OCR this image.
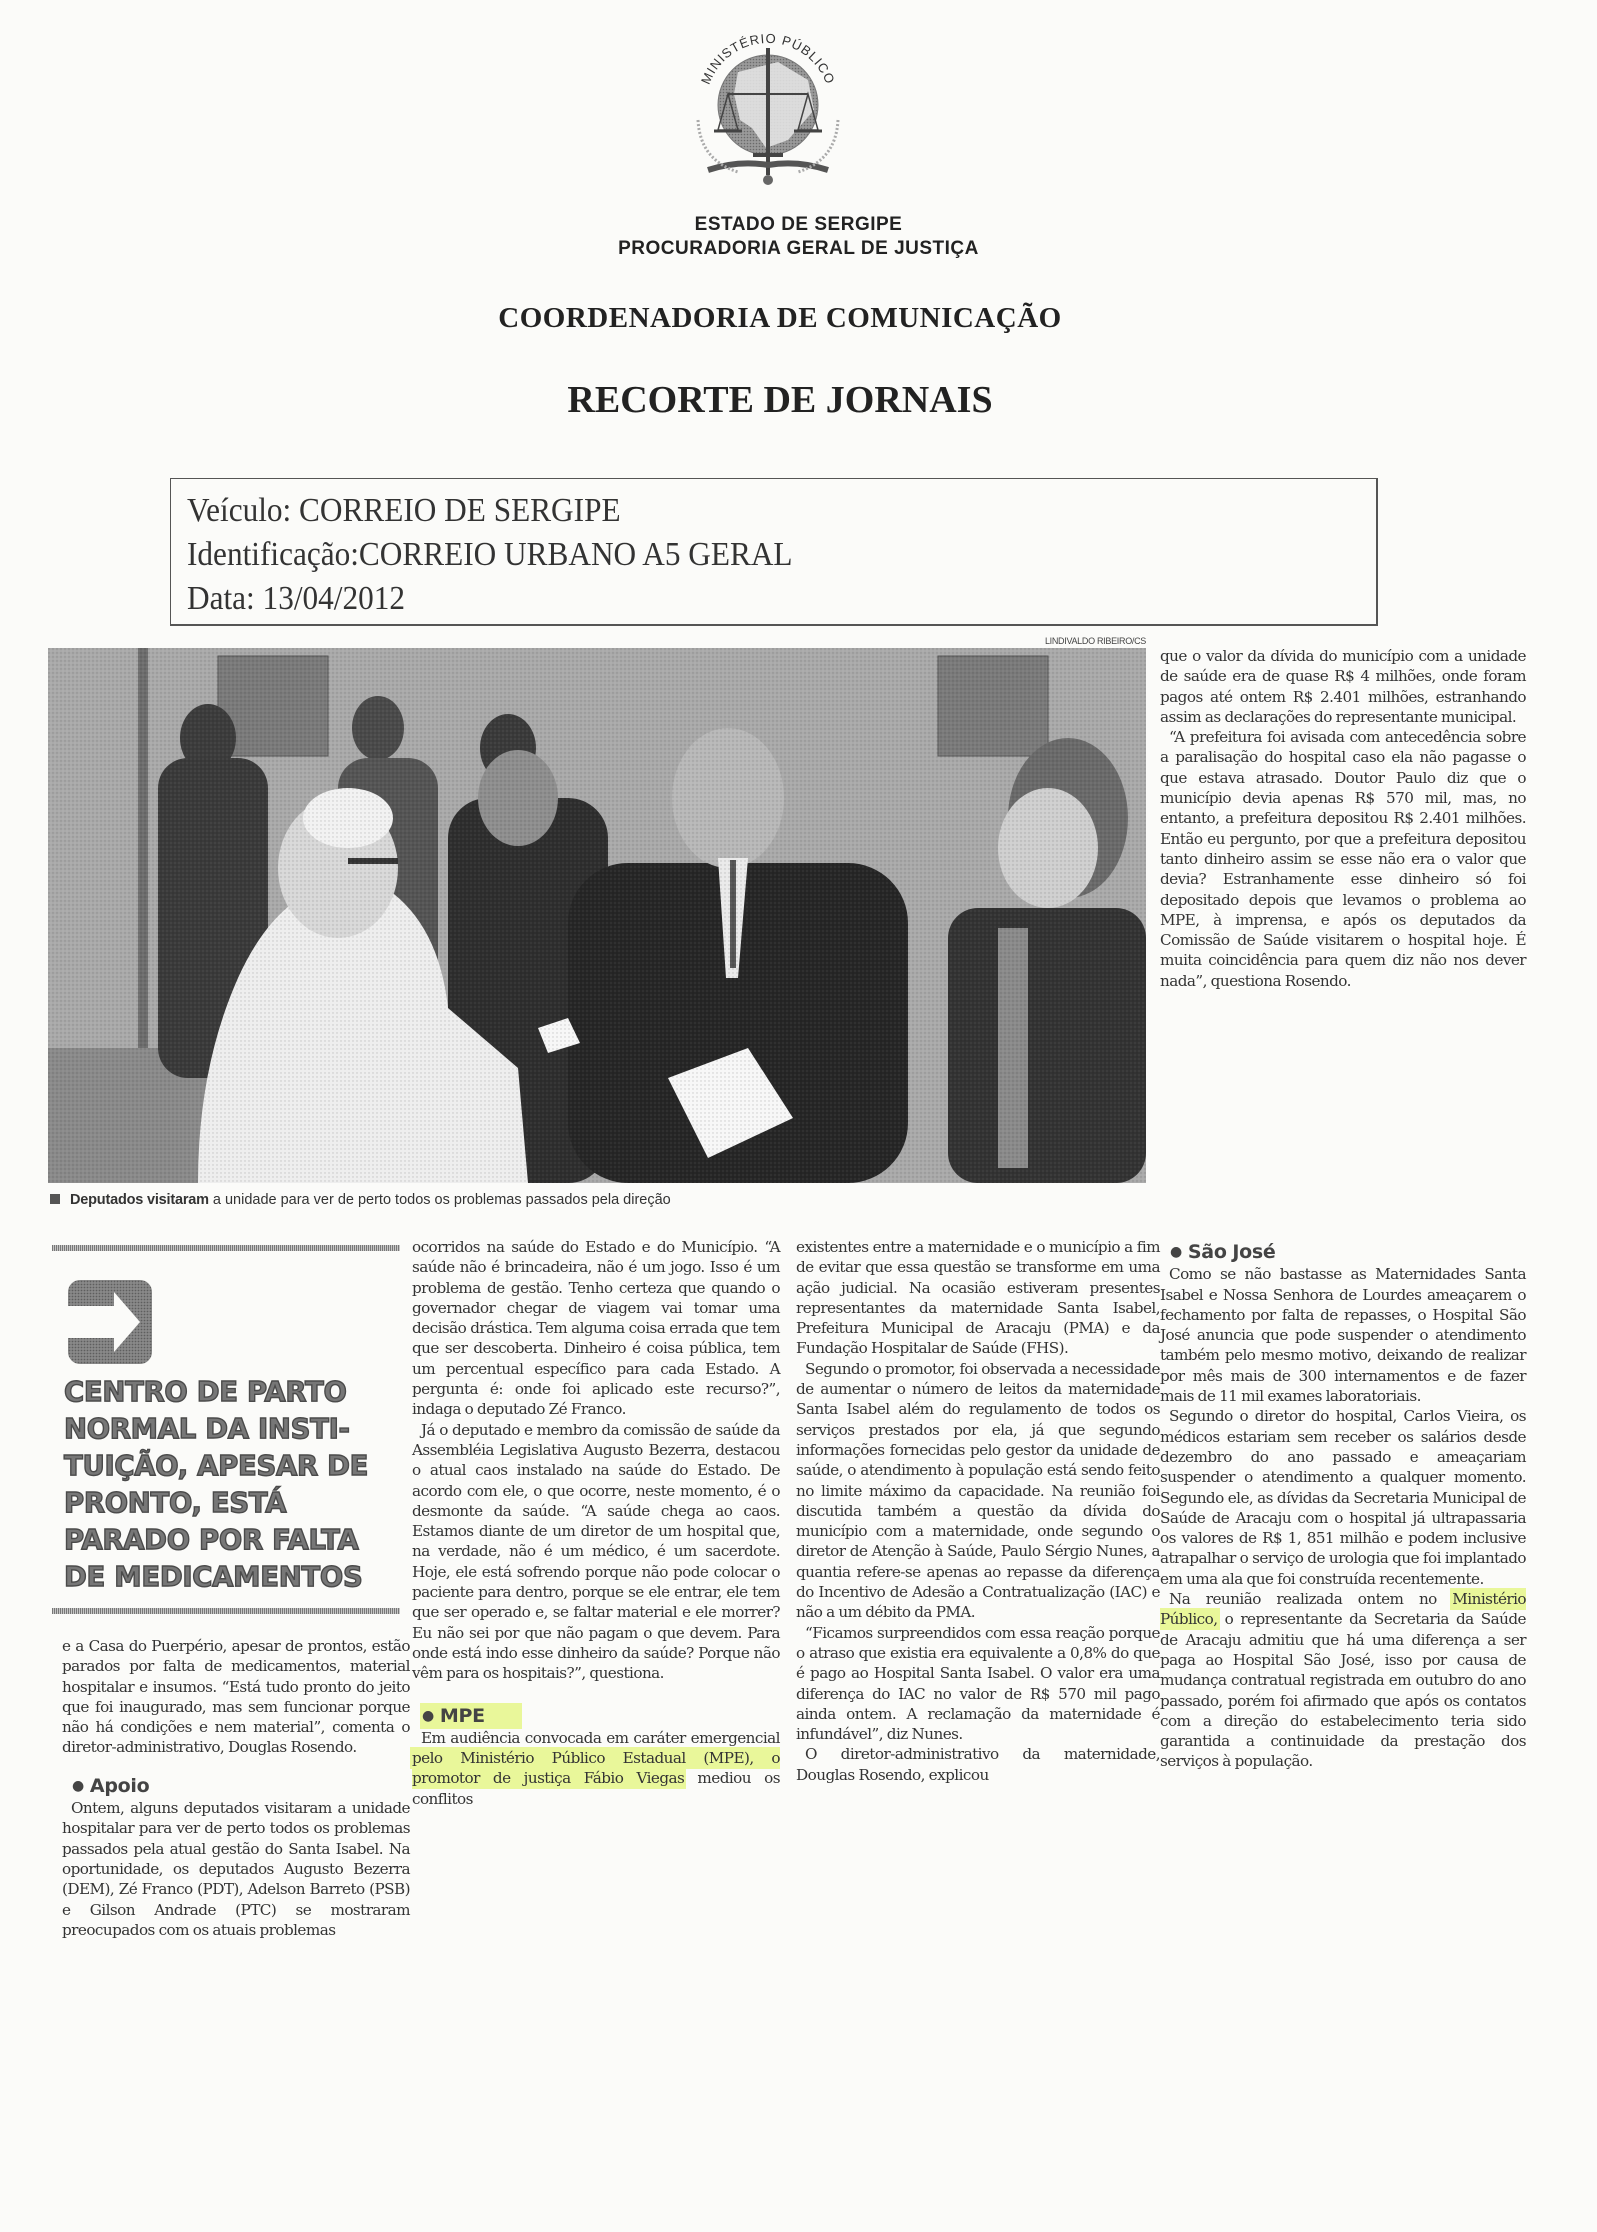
MINISTÉRIO PÚBLICO
ESTADO DE SERGIPE
PROCURADORIA GERAL DE JUSTIÇA
COORDENADORIA DE COMUNICAÇÃO
RECORTE DE JORNAIS
Veículo: CORREIO DE SERGIPE
Identificação:CORREIO URBANO A5 GERAL
Data: 13/04/2012
LINDIVALDO RIBEIRO/CS
Deputados visitaram a unidade para ver de perto todos os problemas passados pela direção
CENTRO DE PARTO
NORMAL DA INSTI-
TUIÇÃO, APESAR DE
PRONTO, ESTÁ
PARADO POR FALTA
DE MEDICAMENTOS

e a Casa do Puerpério, apesar de prontos, estão parados por falta de medicamentos, material hospitalar e insumos. “Está tudo pronto do jeito que foi inaugurado, mas sem funcionar porque não há condições e nem material”, comenta o diretor-administrativo, Douglas Rosendo.

● Apoio

Ontem, alguns deputados visitaram a unidade hospitalar para ver de perto todos os problemas passados pela atual gestão do Santa Isabel. Na oportunidade, os deputados Augusto Bezerra (DEM), Zé Franco (PDT), Adelson Barreto (PSB) e Gilson Andrade (PTC) se mostraram preocupados com os atuais problemas

ocorridos na saúde do Estado e do Município. “A saúde não é brincadeira, não é um jogo. Isso é um problema de gestão. Tenho certeza que quando o governador chegar de viagem vai tomar uma decisão drástica. Tem alguma coisa errada que tem que ser descoberta. Dinheiro é coisa pública, tem um percentual específico para cada Estado. A pergunta é: onde foi aplicado este recurso?”, indaga o deputado Zé Franco.

Já o deputado e membro da comissão de saúde da Assembléia Legislativa Augusto Bezerra, destacou o atual caos instalado na saúde do Estado. De acordo com ele, o que ocorre, neste momento, é o desmonte da saúde. “A saúde chega ao caos. Estamos diante de um diretor de um hospital que, na verdade, não é um médico, é um sacerdote. Hoje, ele está sofrendo porque não pode colocar o paciente para dentro, porque se ele entrar, ele tem que ser operado e, se faltar material e ele morrer? Eu não sei por que não pagam o que devem. Para onde está indo esse dinheiro da saúde? Porque não vêm para os hospitais?”, questiona.

● MPE

Em audiência convocada em caráter emergencial pelo Ministério Público Estadual (MPE), o promotor de justiça Fábio Viegas mediou os conflitos

existentes entre a maternidade e o município a fim de evitar que essa questão se transforme em uma ação judicial. Na ocasião estiveram presentes representantes da maternidade Santa Isabel, Prefeitura Municipal de Aracaju (PMA) e da Fundação Hospitalar de Saúde (FHS).

Segundo o promotor, foi observada a necessidade de aumentar o número de leitos da maternidade Santa Isabel além do regulamento de todos os serviços prestados por ela, já que segundo informações fornecidas pelo gestor da unidade de saúde, o atendimento à população está sendo feito no limite máximo da capacidade. Na reunião foi discutida também a questão da dívida do município com a maternidade, onde segundo o diretor de Atenção à Saúde, Paulo Sérgio Nunes, a quantia refere-se apenas ao repasse da diferença do Incentivo de Adesão a Contratualização (IAC) e não a um débito da PMA.

“Ficamos surpreendidos com essa reação porque o atraso que existia era equivalente a 0,8% do que é pago ao Hospital Santa Isabel. O valor era uma diferença do IAC no valor de R$ 570 mil pago ainda ontem. A reclamação da maternidade é infundável”, diz Nunes.

O diretor-administrativo da maternidade, Douglas Rosendo, explicou

que o valor da dívida do município com a unidade de saúde era de quase R$ 4 milhões, onde foram pagos até ontem R$ 2.401 milhões, estranhando assim as declarações do representante municipal.

“A prefeitura foi avisada com antecedência sobre a paralisação do hospital caso ela não pagasse o que estava atrasado. Doutor Paulo diz que o município devia apenas R$ 570 mil, mas, no entanto, a prefeitura depositou R$ 2.401 milhões. Então eu pergunto, por que a prefeitura depositou tanto dinheiro assim se esse não era o valor que devia? Estranhamente esse dinheiro só foi depositado depois que levamos o problema ao MPE, à imprensa, e após os deputados da Comissão de Saúde visitarem o hospital hoje. É muita coincidência para quem diz não nos dever nada”, questiona Rosendo.

● São José

Como se não bastasse as Maternidades Santa Isabel e Nossa Senhora de Lourdes ameaçarem o fechamento por falta de repasses, o Hospital São José anuncia que pode suspender o atendimento também pelo mesmo motivo, deixando de realizar por mês mais de 300 internamentos e de fazer mais de 11 mil exames laboratoriais.

Segundo o diretor do hospital, Carlos Vieira, os médicos estariam sem receber os salários desde dezembro do ano passado e ameaçariam suspender o atendimento a qualquer momento. Segundo ele, as dívidas da Secretaria Municipal de Saúde de Aracaju com o hospital já ultrapassaria os valores de R$ 1, 851 milhão e podem inclusive atrapalhar o serviço de urologia que foi implantado em uma ala que foi construída recentemente.

Na reunião realizada ontem no Ministério Público, o representante da Secretaria da Saúde de Aracaju admitiu que há uma diferença a ser paga ao Hospital São José, isso por causa de mudança contratual registrada em outubro do ano passado, porém foi afirmado que após os contatos com a direção do estabelecimento teria sido garantida a continuidade da prestação dos serviços à população.
